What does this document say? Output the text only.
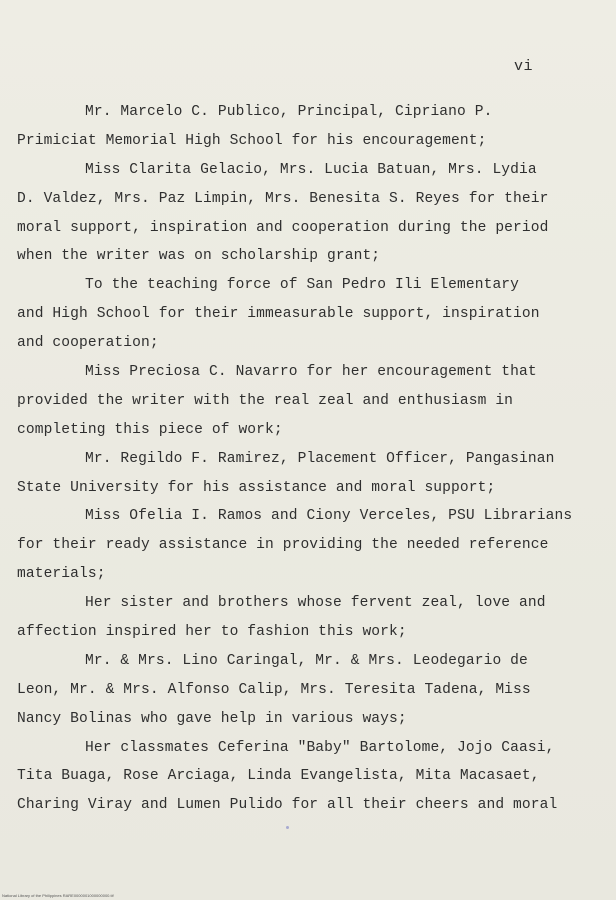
vi
Mr. Marcelo C. Publico, Principal, Cipriano P.
Primiciat Memorial High School for his encouragement;
Miss Clarita Gelacio, Mrs. Lucia Batuan, Mrs. Lydia
D. Valdez, Mrs. Paz Limpin, Mrs. Benesita S. Reyes for their
moral support, inspiration and cooperation during the period
when the writer was on scholarship grant;
To the teaching force of San Pedro Ili Elementary
and High School for their immeasurable support, inspiration
and cooperation;
Miss Preciosa C. Navarro for her encouragement that
provided the writer with the real zeal and enthusiasm in
completing this piece of work;
Mr. Regildo F. Ramirez, Placement Officer, Pangasinan
State University for his assistance and moral support;
Miss Ofelia I. Ramos and Ciony Verceles, PSU Librarians
for their ready assistance in providing the needed reference
materials;
Her sister and brothers whose fervent zeal, love and
affection inspired her to fashion this work;
Mr. & Mrs. Lino Caringal, Mr. & Mrs. Leodegario de
Leon, Mr. & Mrs. Alfonso Calip, Mrs. Teresita Tadena, Miss
Nancy Bolinas who gave help in various ways;
Her classmates Ceferina "Baby" Bartolome, Jojo Caasi,
Tita Buaga, Rose Arciaga, Linda Evangelista, Mita Macasaet,
Charing Viray and Lumen Pulido for all their cheers and moral
National Library of the Philippines RARE0000001000000000.tif
